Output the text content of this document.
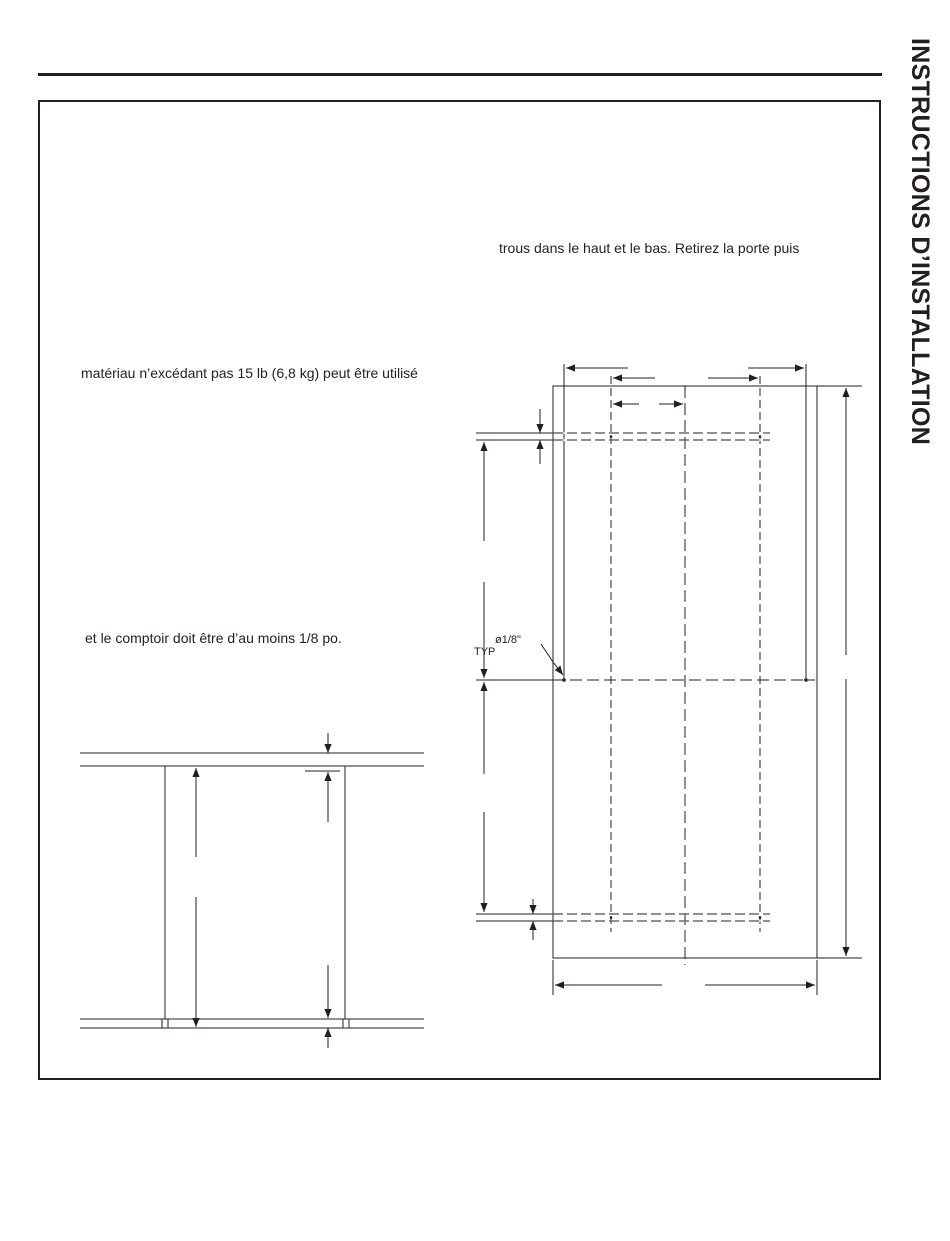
INSTRUCTIONS D’INSTALLATION
trous dans le haut et le bas. Retirez la porte puis
matériau n’excédant pas 15 lb (6,8 kg) peut être utilisé
et le comptoir doit être d’au moins 1/8 po.	ø1/8"
TYP
